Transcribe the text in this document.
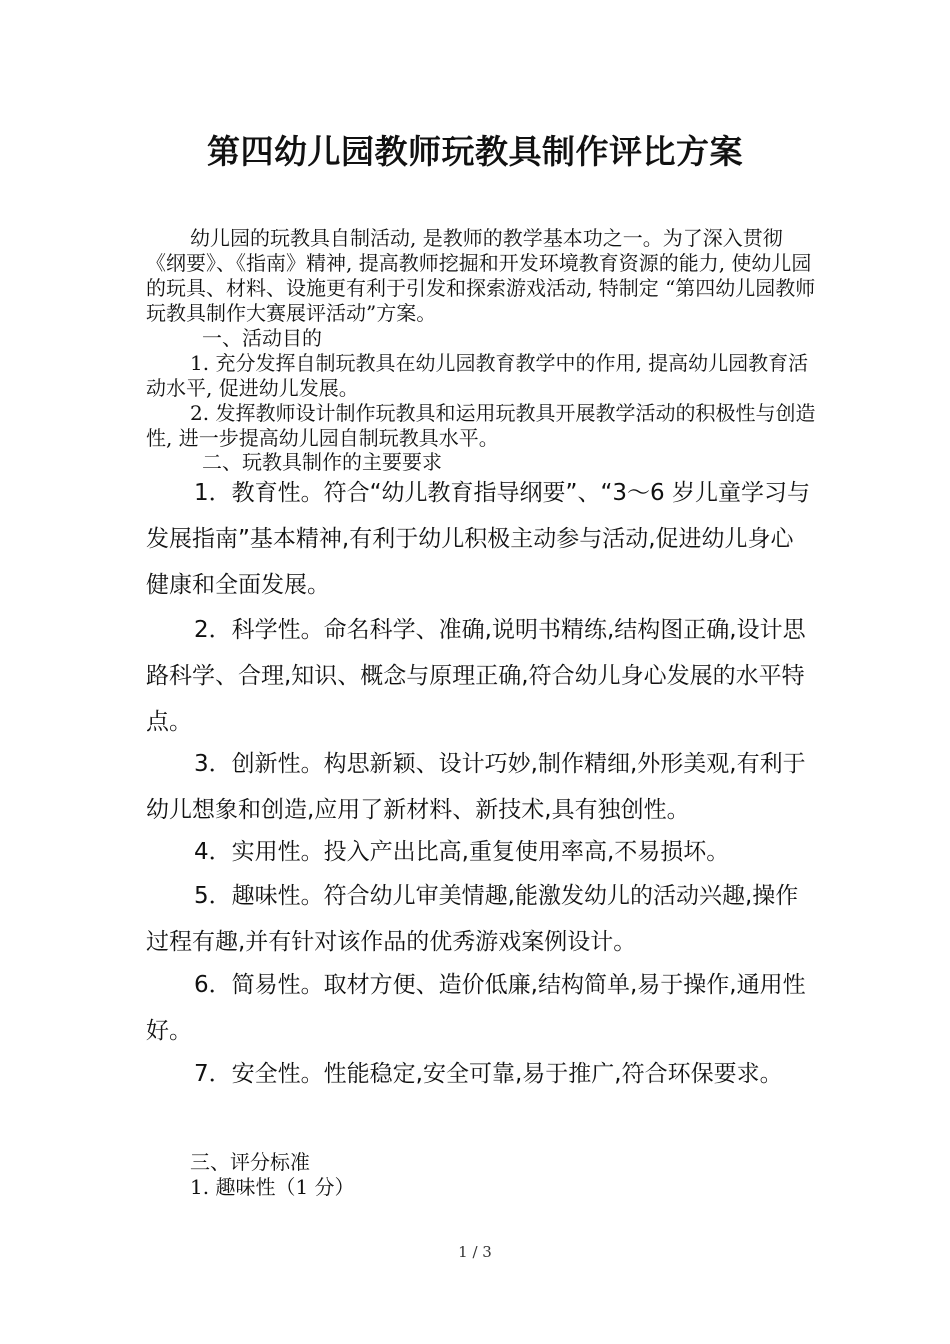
第四幼儿园教师玩教具制作评比方案
幼儿园的玩教具自制活动, 是教师的教学基本功之一。为了深入贯彻《纲要》、《指南》精神, 提高教师挖掘和开发环境教育资源的能力, 使幼儿园的玩具、材料、设施更有利于引发和探索游戏活动, 特制定 “第四幼儿园教师玩教具制作大赛展评活动”方案。
一、活动目的
1. 充分发挥自制玩教具在幼儿园教育教学中的作用, 提高幼儿园教育活动水平, 促进幼儿发展。
2. 发挥教师设计制作玩教具和运用玩教具开展教学活动的积极性与创造性, 进一步提高幼儿园自制玩教具水平。
二、玩教具制作的主要要求
1．教育性。符合“幼儿教育指导纲要”、“3～6 岁儿童学习与发展指南”基本精神,有利于幼儿积极主动参与活动,促进幼儿身心健康和全面发展。
2．科学性。命名科学、准确,说明书精练,结构图正确,设计思路科学、合理,知识、概念与原理正确,符合幼儿身心发展的水平特点。
3．创新性。构思新颖、设计巧妙,制作精细,外形美观,有利于幼儿想象和创造,应用了新材料、新技术,具有独创性。
4．实用性。投入产出比高,重复使用率高,不易损坏。
5．趣味性。符合幼儿审美情趣,能激发幼儿的活动兴趣,操作过程有趣,并有针对该作品的优秀游戏案例设计。
6．简易性。取材方便、造价低廉,结构简单,易于操作,通用性好。
7．安全性。性能稳定,安全可靠,易于推广,符合环保要求。
三、评分标准
1. 趣味性（1 分）
1 / 3
